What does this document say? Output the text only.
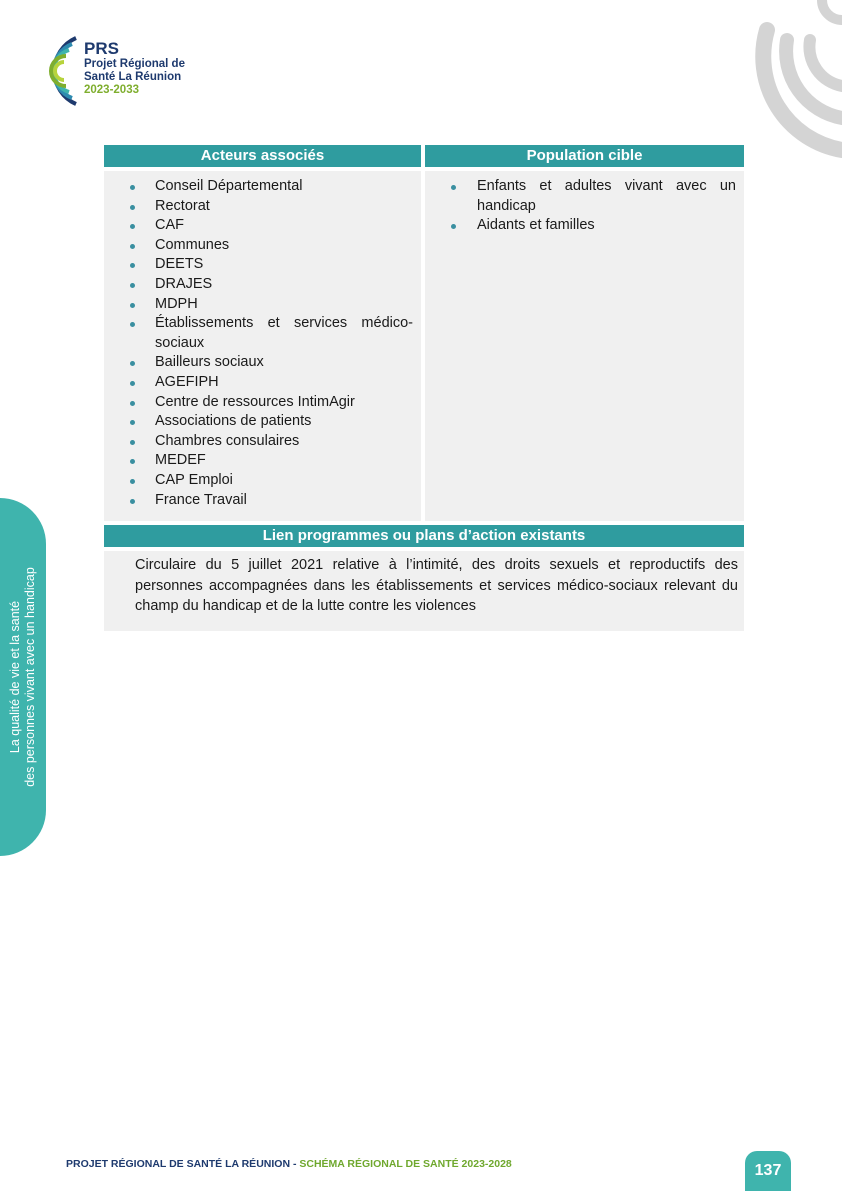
PRS
Projet Régional de
Santé La Réunion
2023-2033
La qualité de vie et la santé des personnes vivant avec un handicap
Acteurs associés	Population cible
Conseil Départemental
Rectorat
CAF
Communes
DEETS
DRAJES
MDPH
Établissements et services médico-sociaux
Bailleurs sociaux
AGEFIPH
Centre de ressources IntimAgir
Associations de patients
Chambres consulaires
MEDEF
CAP Emploi
France Travail
Enfants et adultes vivant avec un handicap
Aidants et familles
Lien programmes ou plans d’action existants
Circulaire du 5 juillet 2021 relative à l’intimité, des droits sexuels et reproductifs des personnes accompagnées dans les établissements et services médico-sociaux relevant du champ du handicap et de la lutte contre les violences
PROJET RÉGIONAL DE SANTÉ LA RÉUNION - SCHÉMA RÉGIONAL DE SANTÉ 2023-2028	137
